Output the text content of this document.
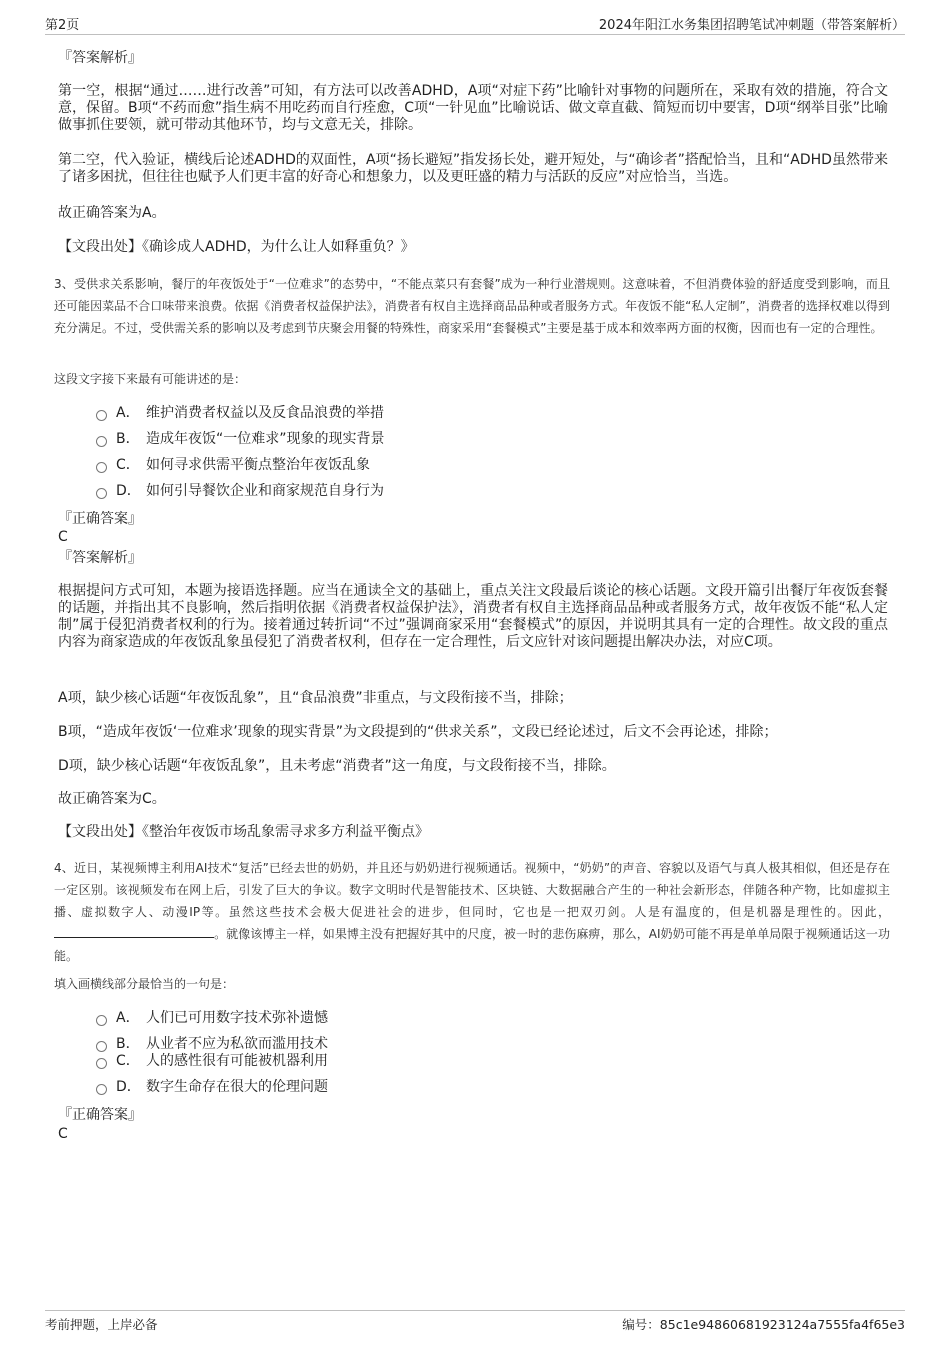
第2页	2024年阳江水务集团招聘笔试冲刺题（带答案解析）
『答案解析』
第一空，根据“通过……进行改善”可知，有方法可以改善ADHD，A项“对症下药”比喻针对事物的问题所在，采取有效的措施，符合文意，保留。B项“不药而愈”指生病不用吃药而自行痊愈，C项“一针见血”比喻说话、做文章直截、简短而切中要害，D项“纲举目张”比喻做事抓住要领，就可带动其他环节，均与文意无关，排除。
第二空，代入验证，横线后论述ADHD的双面性，A项“扬长避短”指发扬长处，避开短处，与“确诊者”搭配恰当，且和“ADHD虽然带来了诸多困扰，但往往也赋予人们更丰富的好奇心和想象力，以及更旺盛的精力与活跃的反应”对应恰当，当选。
故正确答案为A。
【文段出处】《确诊成人ADHD，为什么让人如释重负？》
3、受供求关系影响，餐厅的年夜饭处于“一位难求”的态势中，“不能点菜只有套餐”成为一种行业潜规则。这意味着，不但消费体验的舒适度受到影响，而且还可能因菜品不合口味带来浪费。依据《消费者权益保护法》，消费者有权自主选择商品品种或者服务方式。年夜饭不能“私人定制”，消费者的选择权难以得到充分满足。不过，受供需关系的影响以及考虑到节庆聚会用餐的特殊性，商家采用“套餐模式”主要是基于成本和效率两方面的权衡，因而也有一定的合理性。
这段文字接下来最有可能讲述的是：
A． 维护消费者权益以及反食品浪费的举措
B． 造成年夜饭“一位难求”现象的现实背景
C． 如何寻求供需平衡点整治年夜饭乱象
D． 如何引导餐饮企业和商家规范自身行为
『正确答案』
C
『答案解析』
根据提问方式可知，本题为接语选择题。应当在通读全文的基础上，重点关注文段最后谈论的核心话题。文段开篇引出餐厅年夜饭套餐的话题，并指出其不良影响，然后指明依据《消费者权益保护法》，消费者有权自主选择商品品种或者服务方式，故年夜饭不能“私人定制”属于侵犯消费者权利的行为。接着通过转折词“不过”强调商家采用“套餐模式”的原因，并说明其具有一定的合理性。故文段的重点内容为商家造成的年夜饭乱象虽侵犯了消费者权利，但存在一定合理性，后文应针对该问题提出解决办法，对应C项。
A项，缺少核心话题“年夜饭乱象”，且“食品浪费”非重点，与文段衔接不当，排除；
B项，“造成年夜饭‘一位难求’现象的现实背景”为文段提到的“供求关系”，文段已经论述过，后文不会再论述，排除；
D项，缺少核心话题“年夜饭乱象”，且未考虑“消费者”这一角度，与文段衔接不当，排除。
故正确答案为C。
【文段出处】《整治年夜饭市场乱象需寻求多方利益平衡点》
4、近日，某视频博主利用AI技术“复活”已经去世的奶奶，并且还与奶奶进行视频通话。视频中，“奶奶”的声音、容貌以及语气与真人极其相似，但还是存在一定区别。该视频发布在网上后，引发了巨大的争议。数字文明时代是智能技术、区块链、大数据融合产生的一种社会新形态，伴随各种产物，比如虚拟主播、虚拟数字人、动漫IP等。虽然这些技术会极大促进社会的进步，但同时，它也是一把双刃剑。人是有温度的，但是机器是理性的。因此，。就像该博主一样，如果博主没有把握好其中的尺度，被一时的悲伤麻痹，那么，AI奶奶可能不再是单单局限于视频通话这一功能。
填入画横线部分最恰当的一句是：
A． 人们已可用数字技术弥补遗憾
B． 从业者不应为私欲而滥用技术
C． 人的感性很有可能被机器利用
D． 数字生命存在很大的伦理问题
『正确答案』
C
考前押题，上岸必备	编号：85c1e94860681923124a7555fa4f65e3
